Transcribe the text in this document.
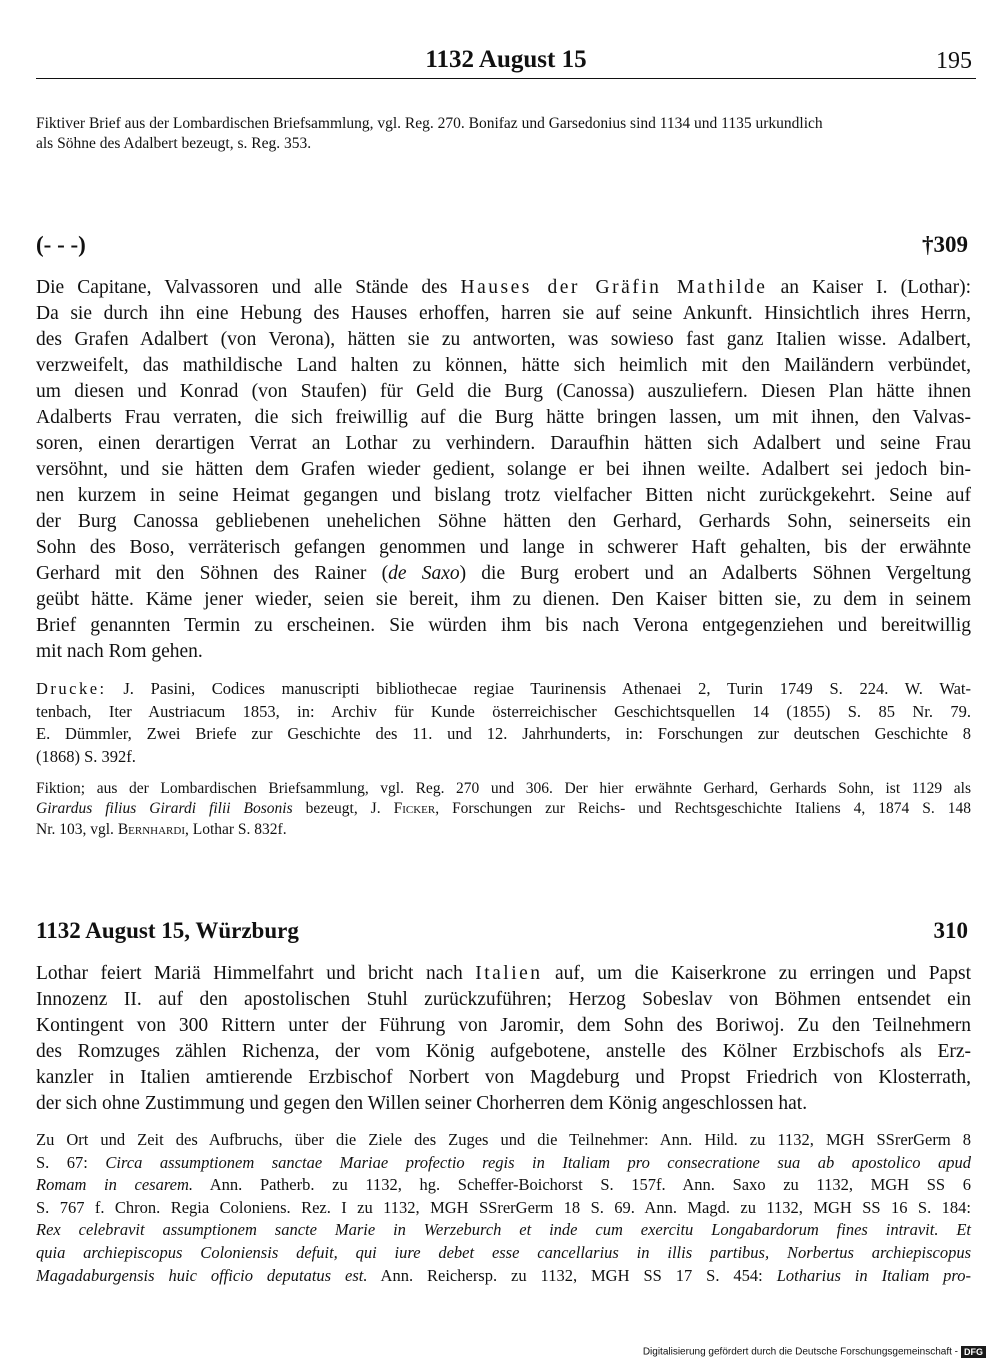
1132 August 15	195
Fiktiver Brief aus der Lombardischen Briefsammlung, vgl. Reg. 270. Bonifaz und Garsedonius sind 1134 und 1135 urkundlich
als Söhne des Adalbert bezeugt, s. Reg. 353.
(- - -)	†309
Die Capitane, Valvassoren und alle Stände des Hauses der Gräfin Mathilde an Kaiser I. (Lothar):
Da sie durch ihn eine Hebung des Hauses erhoffen, harren sie auf seine Ankunft. Hinsichtlich ihres Herrn,
des Grafen Adalbert (von Verona), hätten sie zu antworten, was sowieso fast ganz Italien wisse. Adalbert,
verzweifelt, das mathildische Land halten zu können, hätte sich heimlich mit den Mailändern verbündet,
um diesen und Konrad (von Staufen) für Geld die Burg (Canossa) auszuliefern. Diesen Plan hätte ihnen
Adalberts Frau verraten, die sich freiwillig auf die Burg hätte bringen lassen, um mit ihnen, den Valvas-
soren, einen derartigen Verrat an Lothar zu verhindern. Daraufhin hätten sich Adalbert und seine Frau
versöhnt, und sie hätten dem Grafen wieder gedient, solange er bei ihnen weilte. Adalbert sei jedoch bin-
nen kurzem in seine Heimat gegangen und bislang trotz vielfacher Bitten nicht zurückgekehrt. Seine auf
der Burg Canossa gebliebenen unehelichen Söhne hätten den Gerhard, Gerhards Sohn, seinerseits ein
Sohn des Boso, verräterisch gefangen genommen und lange in schwerer Haft gehalten, bis der erwähnte
Gerhard mit den Söhnen des Rainer (de Saxo) die Burg erobert und an Adalberts Söhnen Vergeltung
geübt hätte. Käme jener wieder, seien sie bereit, ihm zu dienen. Den Kaiser bitten sie, zu dem in seinem
Brief genannten Termin zu erscheinen. Sie würden ihm bis nach Verona entgegenziehen und bereitwillig
mit nach Rom gehen.
Drucke: J. Pasini, Codices manuscripti bibliothecae regiae Taurinensis Athenaei 2, Turin 1749 S. 224. W. Wat-
tenbach, Iter Austriacum 1853, in: Archiv für Kunde österreichischer Geschichtsquellen 14 (1855) S. 85 Nr. 79.
E. Dümmler, Zwei Briefe zur Geschichte des 11. und 12. Jahrhunderts, in: Forschungen zur deutschen Geschichte 8
(1868) S. 392f.
Fiktion; aus der Lombardischen Briefsammlung, vgl. Reg. 270 und 306. Der hier erwähnte Gerhard, Gerhards Sohn, ist 1129 als
Girardus filius Girardi filii Bosonis bezeugt, J. Ficker, Forschungen zur Reichs- und Rechtsgeschichte Italiens 4, 1874 S. 148
Nr. 103, vgl. Bernhardi, Lothar S. 832f.
1132 August 15, Würzburg	310
Lothar feiert Mariä Himmelfahrt und bricht nach Italien auf, um die Kaiserkrone zu erringen und Papst
Innozenz II. auf den apostolischen Stuhl zurückzuführen; Herzog Sobeslav von Böhmen entsendet ein
Kontingent von 300 Rittern unter der Führung von Jaromir, dem Sohn des Boriwoj. Zu den Teilnehmern
des Romzuges zählen Richenza, der vom König aufgebotene, anstelle des Kölner Erzbischofs als Erz-
kanzler in Italien amtierende Erzbischof Norbert von Magdeburg und Propst Friedrich von Klosterrath,
der sich ohne Zustimmung und gegen den Willen seiner Chorherren dem König angeschlossen hat.
Zu Ort und Zeit des Aufbruchs, über die Ziele des Zuges und die Teilnehmer: Ann. Hild. zu 1132, MGH SSrerGerm 8
S. 67: Circa assumptionem sanctae Mariae profectio regis in Italiam pro consecratione sua ab apostolico apud
Romam in cesarem. Ann. Patherb. zu 1132, hg. Scheffer-Boichorst S. 157f. Ann. Saxo zu 1132, MGH SS 6
S. 767 f. Chron. Regia Coloniens. Rez. I zu 1132, MGH SSrerGerm 18 S. 69. Ann. Magd. zu 1132, MGH SS 16 S. 184:
Rex celebravit assumptionem sancte Marie in Werzeburch et inde cum exercitu Longabardorum fines intravit. Et
quia archiepiscopus Coloniensis defuit, qui iure debet esse cancellarius in illis partibus, Norbertus archiepiscopus
Magadaburgensis huic officio deputatus est. Ann. Reichersp. zu 1132, MGH SS 17 S. 454: Lotharius in Italiam pro-
Digitalisierung gefördert durch die Deutsche Forschungsgemeinschaft - DFG
